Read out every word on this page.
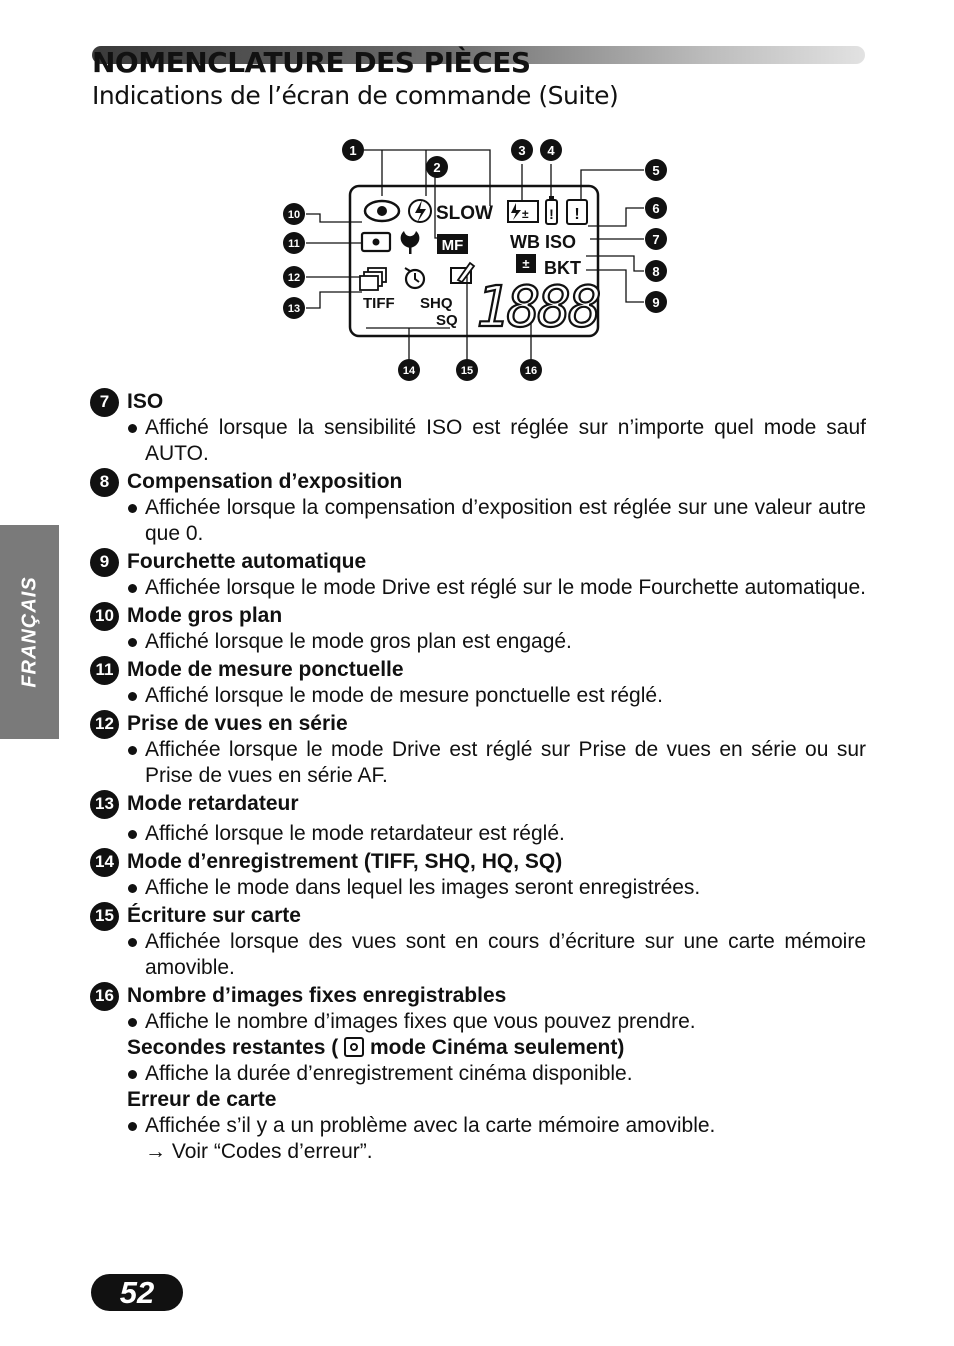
NOMENCLATURE DES PIÈCES
Indications de l’écran de commande (Suite)
1
2
3 4
5
6
7
8
9
10
11
12
13
14	15	16
SLOW ± ! !
MF	WB ISO
± BKT
TIFF SHQ
SQ 1888
FRANÇAIS
7 ISO
Affiché lorsque la sensibilité ISO est réglée sur n’importe quel mode sauf AUTO.
8 Compensation d’exposition
Affichée lorsque la compensation d’exposition est réglée sur une valeur autre que 0.
9 Fourchette automatique
Affichée lorsque le mode Drive est réglé sur le mode Fourchette automatique.
10 Mode gros plan
Affiché lorsque le mode gros plan est engagé.
11 Mode de mesure ponctuelle
Affiché lorsque le mode de mesure ponctuelle est réglé.
12 Prise de vues en série
Affichée lorsque le mode Drive est réglé sur Prise de vues en série ou sur Prise de vues en série AF.
13 Mode retardateur
Affiché lorsque le mode retardateur est réglé.
14 Mode d’enregistrement (TIFF, SHQ, HQ, SQ)
Affiche le mode dans lequel les images seront enregistrées.
15 Écriture sur carte
Affichée lorsque des vues sont en cours d’écriture sur une carte mémoire amovible.
16 Nombre d’images fixes enregistrables
Affiche le nombre d’images fixes que vous pouvez prendre.
Secondes restantes ( mode Cinéma seulement)
Affiche la durée d’enregistrement cinéma disponible.
Erreur de carte
Affichée s’il y a un problème avec la carte mémoire amovible.
→ Voir “Codes d’erreur”.
52
